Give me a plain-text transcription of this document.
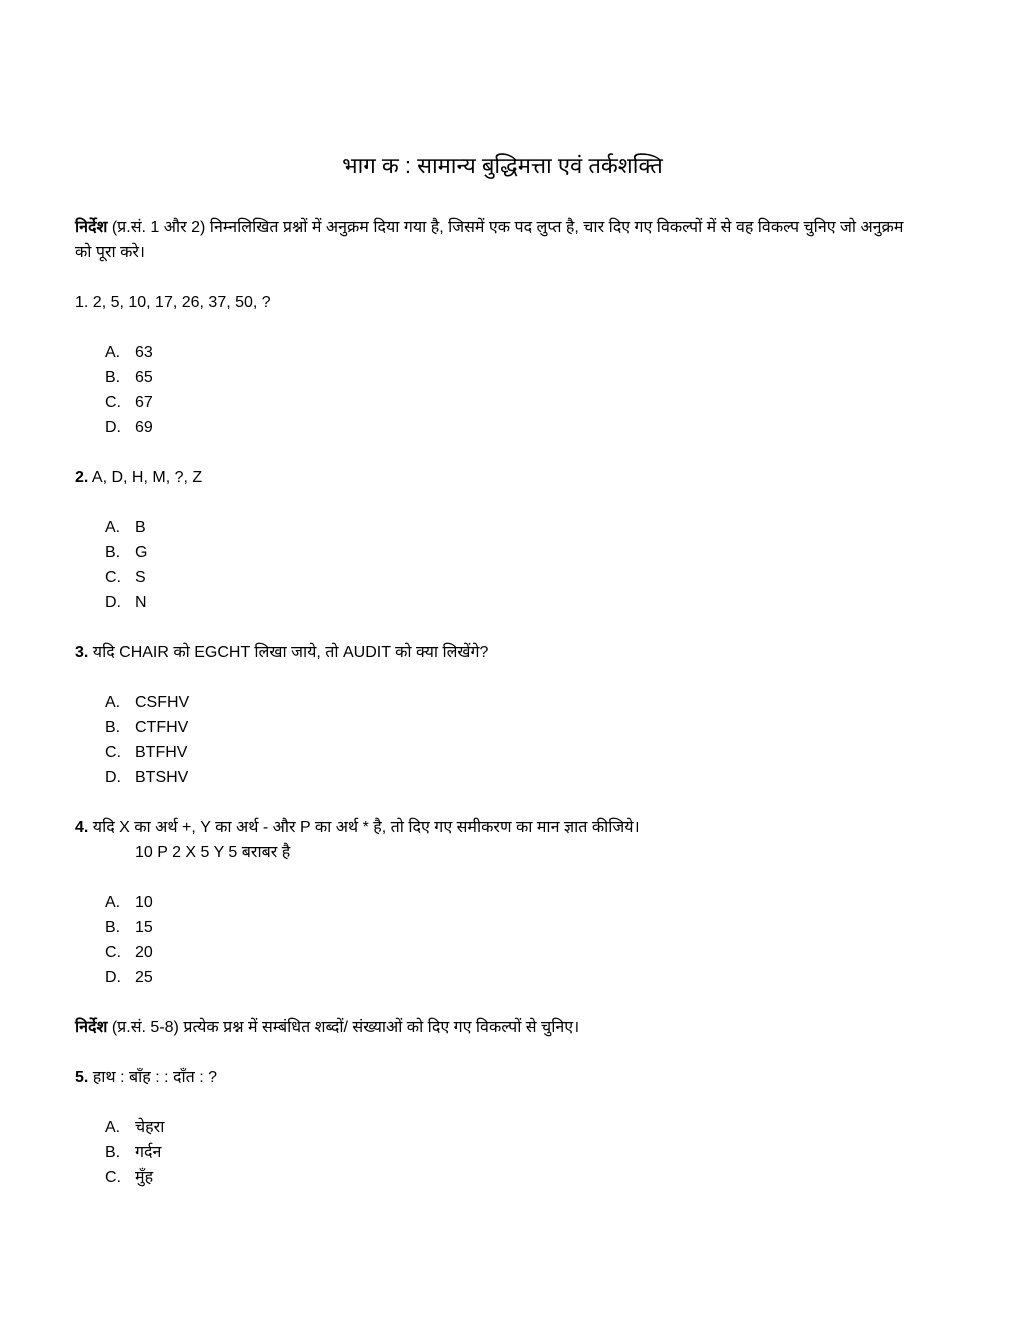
भाग क : सामान्य बुद्धिमत्ता एवं तर्कशक्ति
निर्देश (प्र.सं. 1 और 2) निम्नलिखित प्रश्नों में अनुक्रम दिया गया है, जिसमें एक पद लुप्त है, चार दिए गए विकल्पों में से वह विकल्प चुनिए जो अनुक्रम को पूरा करे।
1. 2, 5, 10, 17, 26, 37, 50, ?
A. 63
B. 65
C. 67
D. 69
2. A, D, H, M, ?, Z
A. B
B. G
C. S
D. N
3. यदि CHAIR को EGCHT लिखा जाये, तो AUDIT को क्या लिखेंगे?
A. CSFHV
B. CTFHV
C. BTFHV
D. BTSHV
4. यदि X का अर्थ +, Y का अर्थ - और P का अर्थ * है, तो दिए गए समीकरण का मान ज्ञात कीजिये।
10 P 2 X 5 Y 5 बराबर है
A. 10
B. 15
C. 20
D. 25
निर्देश (प्र.सं. 5-8) प्रत्येक प्रश्न में सम्बंधित शब्दों/ संख्याओं को दिए गए विकल्पों से चुनिए।
5. हाथ : बाँह : : दाँत : ?
A. चेहरा
B. गर्दन
C. मुँह
